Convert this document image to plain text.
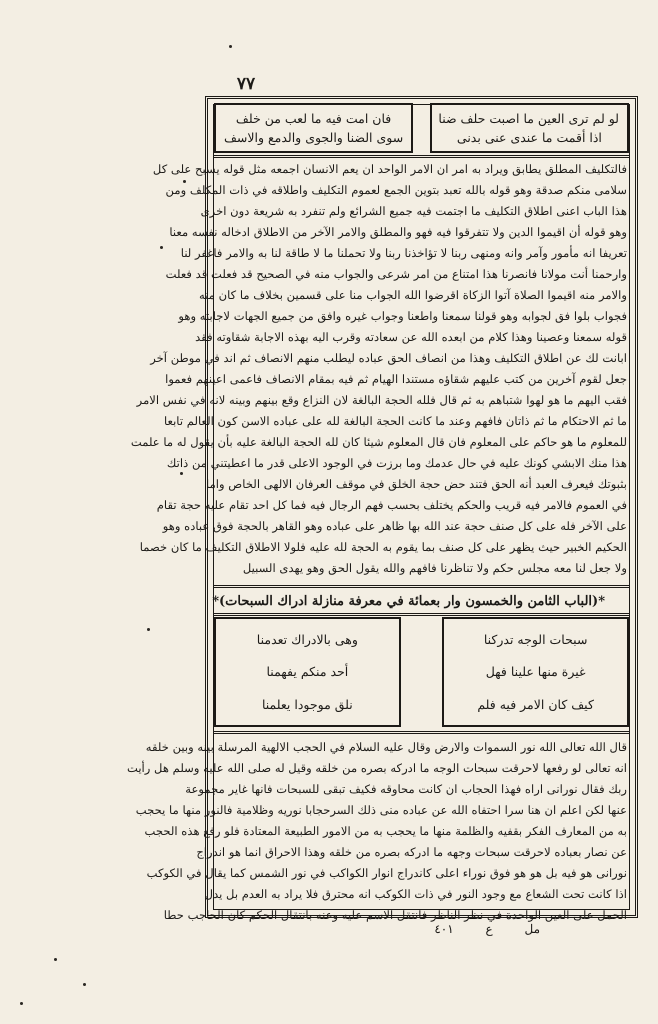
٧٧
لو لم ترى العين ما اصبت حلف ضنا
اذا أقمت ما عندى عنى بدنى
فان امت فيه ما لعب من خلف
سوى الضنا والجوى والدمع والاسف
فالتكليف المطلق يطابق ويراد به امر ان الامر الواحد ان يعم الانسان اجمعه مثل قوله يسبح على كل
سلامى منكم صدقة وهو قوله بالله تعبد بتوين الجمع لعموم التكليف واطلاقه في ذات المكلف ومن
هذا الباب اعنى اطلاق التكليف ما اجتمت فيه جميع الشرائع ولم تنفرد به شريعة دون اخرى
وهو قوله أن اقيموا الدين ولا تتفرقوا فيه فهو والمطلق والامر الآخر من الاطلاق ادخاله نفسه معنا
تعريفا انه مأمور وآمر وانه ومنهى ربنا لا تؤاخذنا ربنا ولا تحملنا ما لا طاقة لنا به والامر فاغفر لنا
وارحمنا أنت مولانا فانصرنا هذا امتناع من امر شرعى والجواب منه في الصحيح قد فعلت قد فعلت
والامر منه اقيموا الصلاة آتوا الزكاة اقرضوا الله الجواب منا على قسمين بخلاف ما كان منه
فجواب بلوا فق لجوابه وهو قولنا سمعنا واطعنا وجواب غيره وافق من جميع الجهات لاجابته وهو
قوله سمعنا وعصينا وهذا كلام من ابعده الله عن سعادته وقرب اليه بهذه الاجابة شقاوته فقد
ابانت لك عن اطلاق التكليف وهذا من انصاف الحق عباده ليطلب منهم الانصاف ثم اند في موطن آخر
جعل لقوم آخرين من كتب عليهم شقاؤه مستندا الهيام ثم فيه بمقام الانصاف فاعمى اعينهم فعموا
فقب اليهم ما هو لهوا شتباهم به ثم قال فلله الحجة البالغة لان النزاع وقع بينهم وبينه لانه في نفس الامر
ما ثم الاحتكام ما ثم ذاتان فافهم وعند ما كانت الحجة البالغة لله على عباده الاسن كون العالم تابعا
للمعلوم ما هو حاكم على المعلوم فان قال المعلوم شيئا كان لله الحجة البالغة عليه بأن يقول له ما علمت
هذا منك الابشي كونك عليه في حال عدمك وما برزت في الوجود الاعلى قدر ما اعطيتني من ذاتك
بثبوتك فيعرف العبد أنه الحق فتند حض حجة الخلق في موقف العرفان الالهى الخاص واما
في العموم فالامر فيه قريب والحكم يختلف بحسب فهم الرجال فيه فما كل احد تقام عليه حجة تقام
على الآخر فله على كل صنف حجة عند الله بها ظاهر على عباده وهو القاهر بالحجة فوق عباده وهو
الحكيم الخبير حيث يظهر على كل صنف بما يقوم به الحجة لله عليه فلولا الاطلاق التكليف ما كان خصما
ولا جعل لنا معه مجلس حكم ولا تناظرنا فافهم والله يقول الحق وهو يهدى السبيل
*(الباب الثامن والخمسون وار بعمائة في معرفة منازلة ادراك السبحات)*
سبحات الوجه تدركنا
غيرة منها علينا فهل
كيف كان الامر فيه فلم
وهى بالادراك تعدمنا
أحد منكم يفهمنا
نلق موجودا يعلمنا
قال الله تعالى الله نور السموات والارض وقال عليه السلام في الحجب الالهية المرسلة بينه وبين خلقه
انه تعالى لو رفعها لاحرقت سبحات الوجه ما ادركه بصره من خلقه وقيل له صلى الله عليه وسلم هل رأيت
ربك فقال نورانى اراه فهذا الحجاب ان كانت محاوقه فكيف تبقى للسبحات فانها غاير مجموعة
عنها لكن اعلم ان هنا سرا احتفاه الله عن عباده منى ذلك السرحجابا نوريه وظلامية فالنور منها ما يحجب
به من المعارف الفكر بقفيه والظلمة منها ما يحجب به من الامور الطبيعة المعتادة فلو رفع هذه الحجب
عن نصار بعباده لاحرقت سبحات وجهه ما ادركه بصره من خلقه وهذا الاحراق انما هو اندراج
نورانى هو فيه بل هو هو فوق نوراء اعلى كاندراج انوار الكواكب في نور الشمس كما يقال في الكوكب
اذا كانت تحت الشعاع مع وجود النور في ذات الكوكب انه محترق فلا يراد به العدم بل يدل
الحمل على العين الواحدة في نظر الناظر فانتقل الاسم عليه وعنه بانتقال الحكم كان الحاجب حطا
مل ع ٤٠١
